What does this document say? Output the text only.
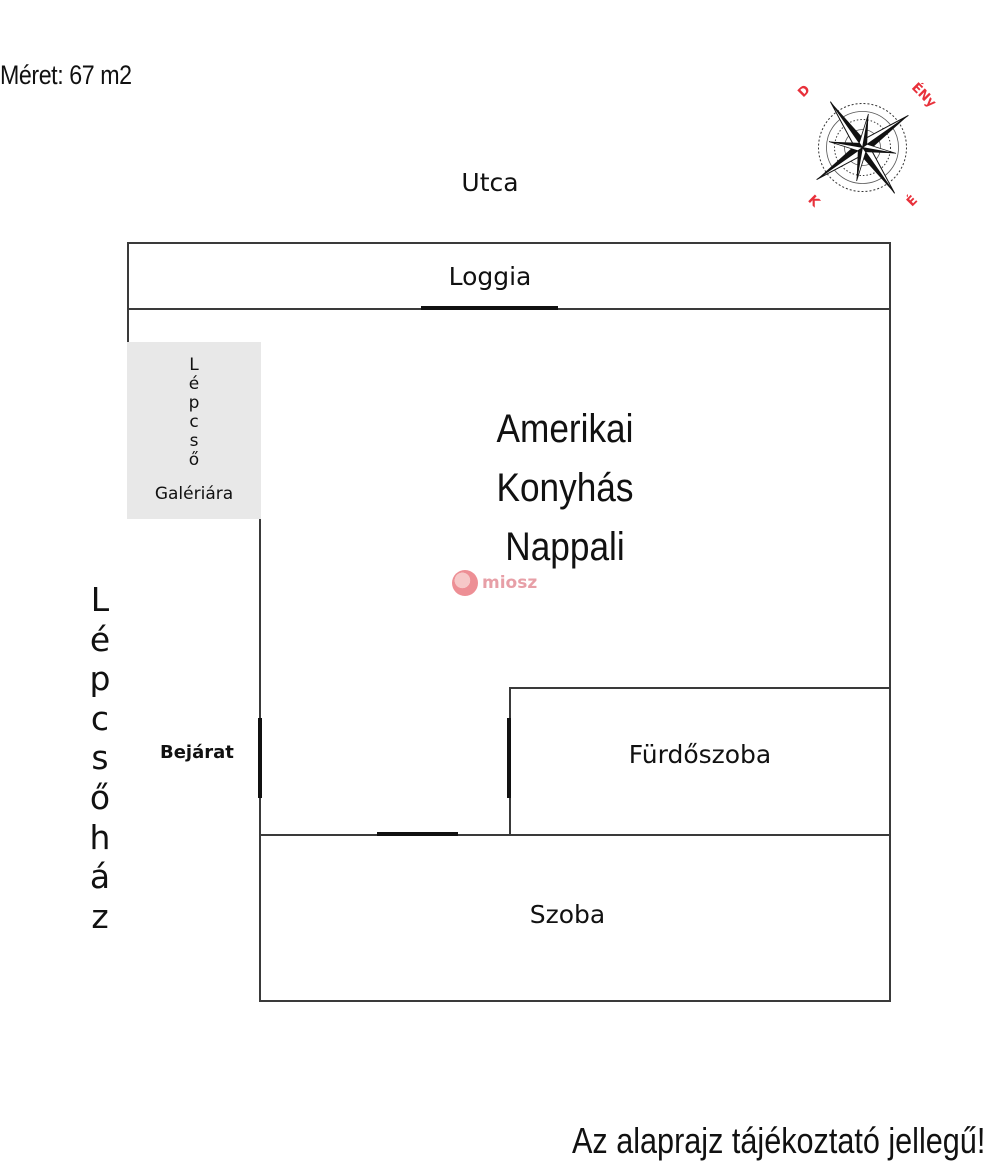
Méret: 67 m2
Utca
Loggia
L
é
p
c
s
ő
Galériára
Amerikai
Konyhás
Nappali
miosz
L
é
p
c
s
ő
h
á
z
Bejárat	Fürdőszoba
Szoba
ÉNy
D
K	É
Az alaprajz tájékoztató jellegű!
